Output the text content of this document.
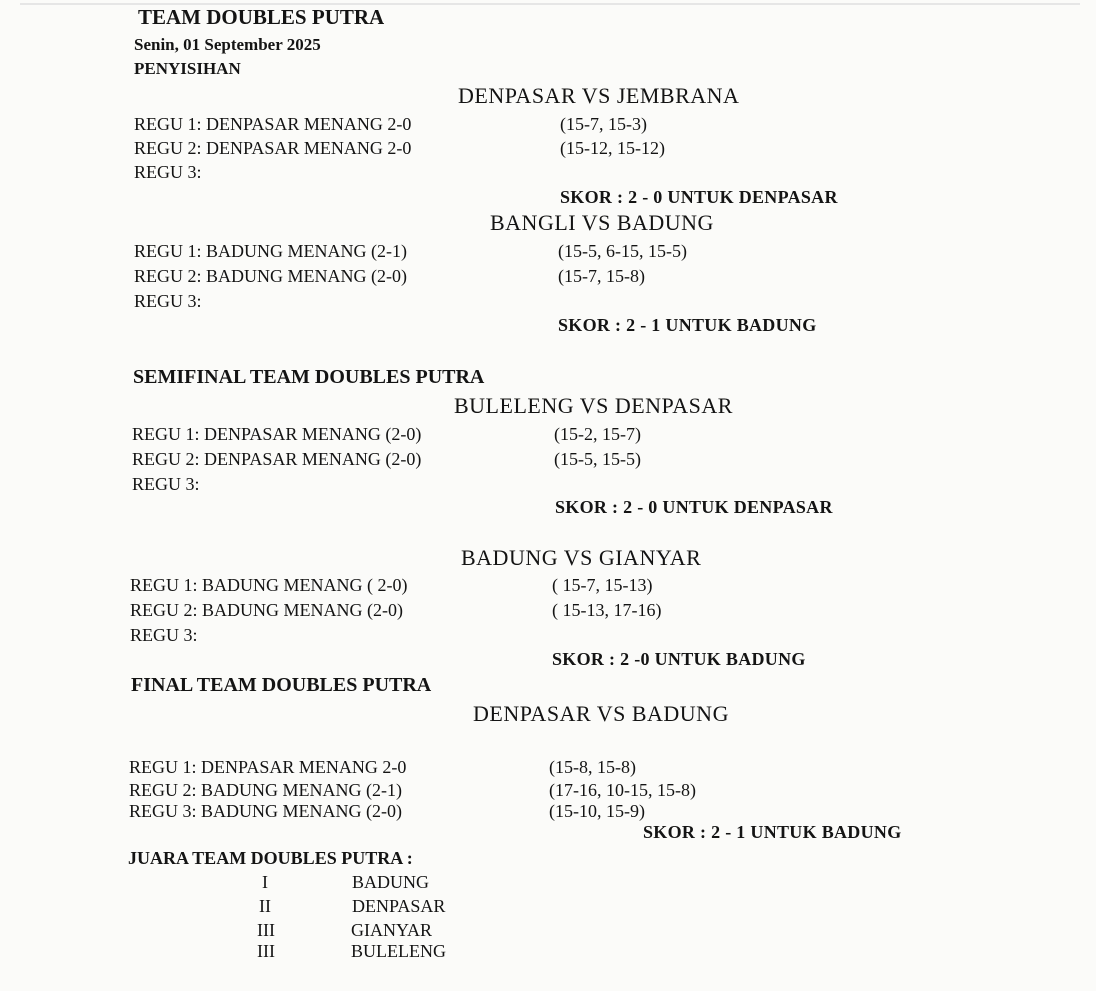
TEAM DOUBLES PUTRA
Senin, 01 September 2025
PENYISIHAN
DENPASAR VS JEMBRANA
REGU 1: DENPASAR MENANG 2-0	(15-7, 15-3)
REGU 2: DENPASAR MENANG 2-0	(15-12, 15-12)
REGU 3:
SKOR : 2 - 0 UNTUK DENPASAR
BANGLI VS BADUNG
REGU 1: BADUNG MENANG (2-1)	(15-5, 6-15, 15-5)
REGU 2: BADUNG MENANG (2-0)	(15-7, 15-8)
REGU 3:
SKOR : 2 - 1 UNTUK BADUNG
SEMIFINAL TEAM DOUBLES PUTRA
BULELENG VS DENPASAR
REGU 1: DENPASAR MENANG (2-0)	(15-2, 15-7)
REGU 2: DENPASAR MENANG (2-0)	(15-5, 15-5)
REGU 3:
SKOR : 2 - 0 UNTUK DENPASAR
BADUNG VS GIANYAR
REGU 1: BADUNG MENANG ( 2-0)	( 15-7, 15-13)
REGU 2: BADUNG MENANG (2-0)	( 15-13, 17-16)
REGU 3:
SKOR : 2 -0 UNTUK BADUNG
FINAL TEAM DOUBLES PUTRA
DENPASAR VS BADUNG
REGU 1: DENPASAR MENANG 2-0	(15-8, 15-8)
REGU 2: BADUNG MENANG (2-1)	(17-16, 10-15, 15-8)
REGU 3: BADUNG MENANG (2-0)	(15-10, 15-9)
SKOR : 2 - 1 UNTUK BADUNG
JUARA TEAM DOUBLES PUTRA :
I	BADUNG
II	DENPASAR
III	GIANYAR
III	BULELENG
